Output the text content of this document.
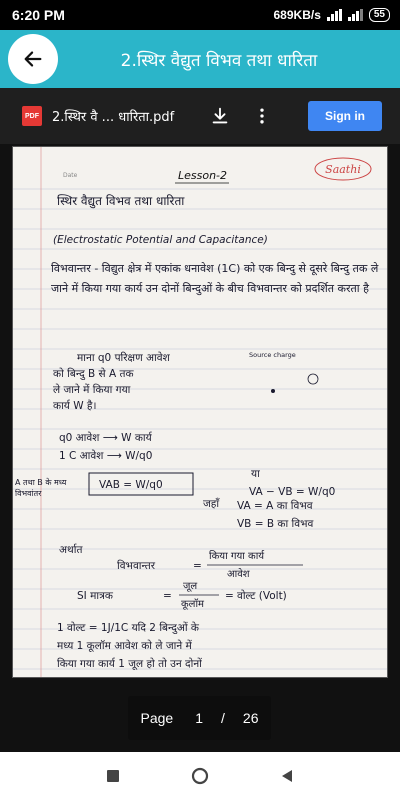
6:20 PM	689KB/s	55
2.स्थिर वैद्युत विभव तथा धारिता
PDF 2.स्थिर वै ... धारिता.pdf	Sign in
Saathi
Date	Lesson-2
स्थिर वैद्युत विभव तथा धारिता
(Electrostatic Potential and Capacitance)
विभवान्तर - विद्युत क्षेत्र में एकांक धनावेश (1C) को एक बिन्दु से दूसरे बिन्दु तक ले जाने में किया गया कार्य उन दोनों बिन्दुओं के बीच विभवान्तर को प्रदर्शित करता है
माना q0 परिक्षण आवेश
को बिन्दु B से A तक
ले जाने में किया गया
कार्य W है।
Source charge
q0 आवेश ⟶ W कार्य
1 C आवेश ⟶ W/q0
VAB = W/q0
या
VA − VB = W/q0
जहाँ VA = A का विभव
VB = B का विभव
A तथा B के मध्य विभवांतर
अर्थात
विभवान्तर	=
किया गया कार्य
आवेश
SI मात्रक	=
जूल
कूलॉम
= वोल्ट (Volt)
1 वोल्ट = 1J/1C यदि 2 बिन्दुओं के
मध्य 1 कूलॉम आवेश को ले जाने में
किया गया कार्य 1 जूल हो तो उन दोनों
Page 1 / 26
